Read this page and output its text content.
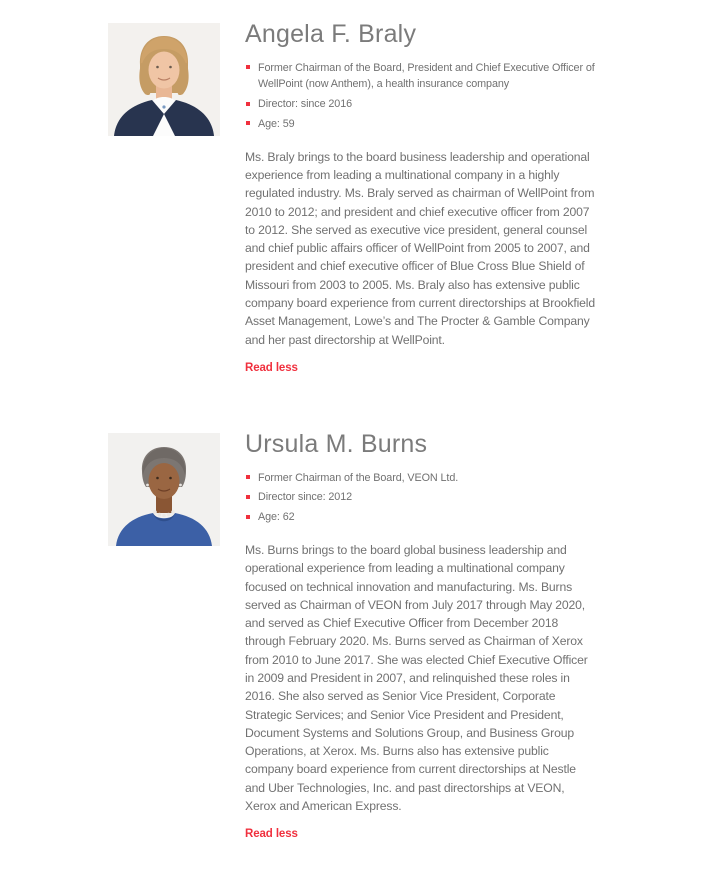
Angela F. Braly
Former Chairman of the Board, President and Chief Executive Officer of WellPoint (now Anthem), a health insurance company
Director: since 2016
Age: 59

Ms. Braly brings to the board business leadership and operational experience from leading a multinational company in a highly regulated industry. Ms. Braly served as chairman of WellPoint from 2010 to 2012; and president and chief executive officer from 2007 to 2012. She served as executive vice president, general counsel and chief public affairs officer of WellPoint from 2005 to 2007, and president and chief executive officer of Blue Cross Blue Shield of Missouri from 2003 to 2005. Ms. Braly also has extensive public company board experience from current directorships at Brookfield Asset Management, Lowe’s and The Procter & Gamble Company and her past directorship at WellPoint.

Read less
Ursula M. Burns
Former Chairman of the Board, VEON Ltd.
Director since: 2012
Age: 62

Ms. Burns brings to the board global business leadership and operational experience from leading a multinational company focused on technical innovation and manufacturing. Ms. Burns served as Chairman of VEON from July 2017 through May 2020, and served as Chief Executive Officer from December 2018 through February 2020. Ms. Burns served as Chairman of Xerox from 2010 to June 2017. She was elected Chief Executive Officer in 2009 and President in 2007, and relinquished these roles in 2016. She also served as Senior Vice President, Corporate Strategic Services; and Senior Vice President and President, Document Systems and Solutions Group, and Business Group Operations, at Xerox. Ms. Burns also has extensive public company board experience from current directorships at Nestle and Uber Technologies, Inc. and past directorships at VEON, Xerox and American Express.

Read less
